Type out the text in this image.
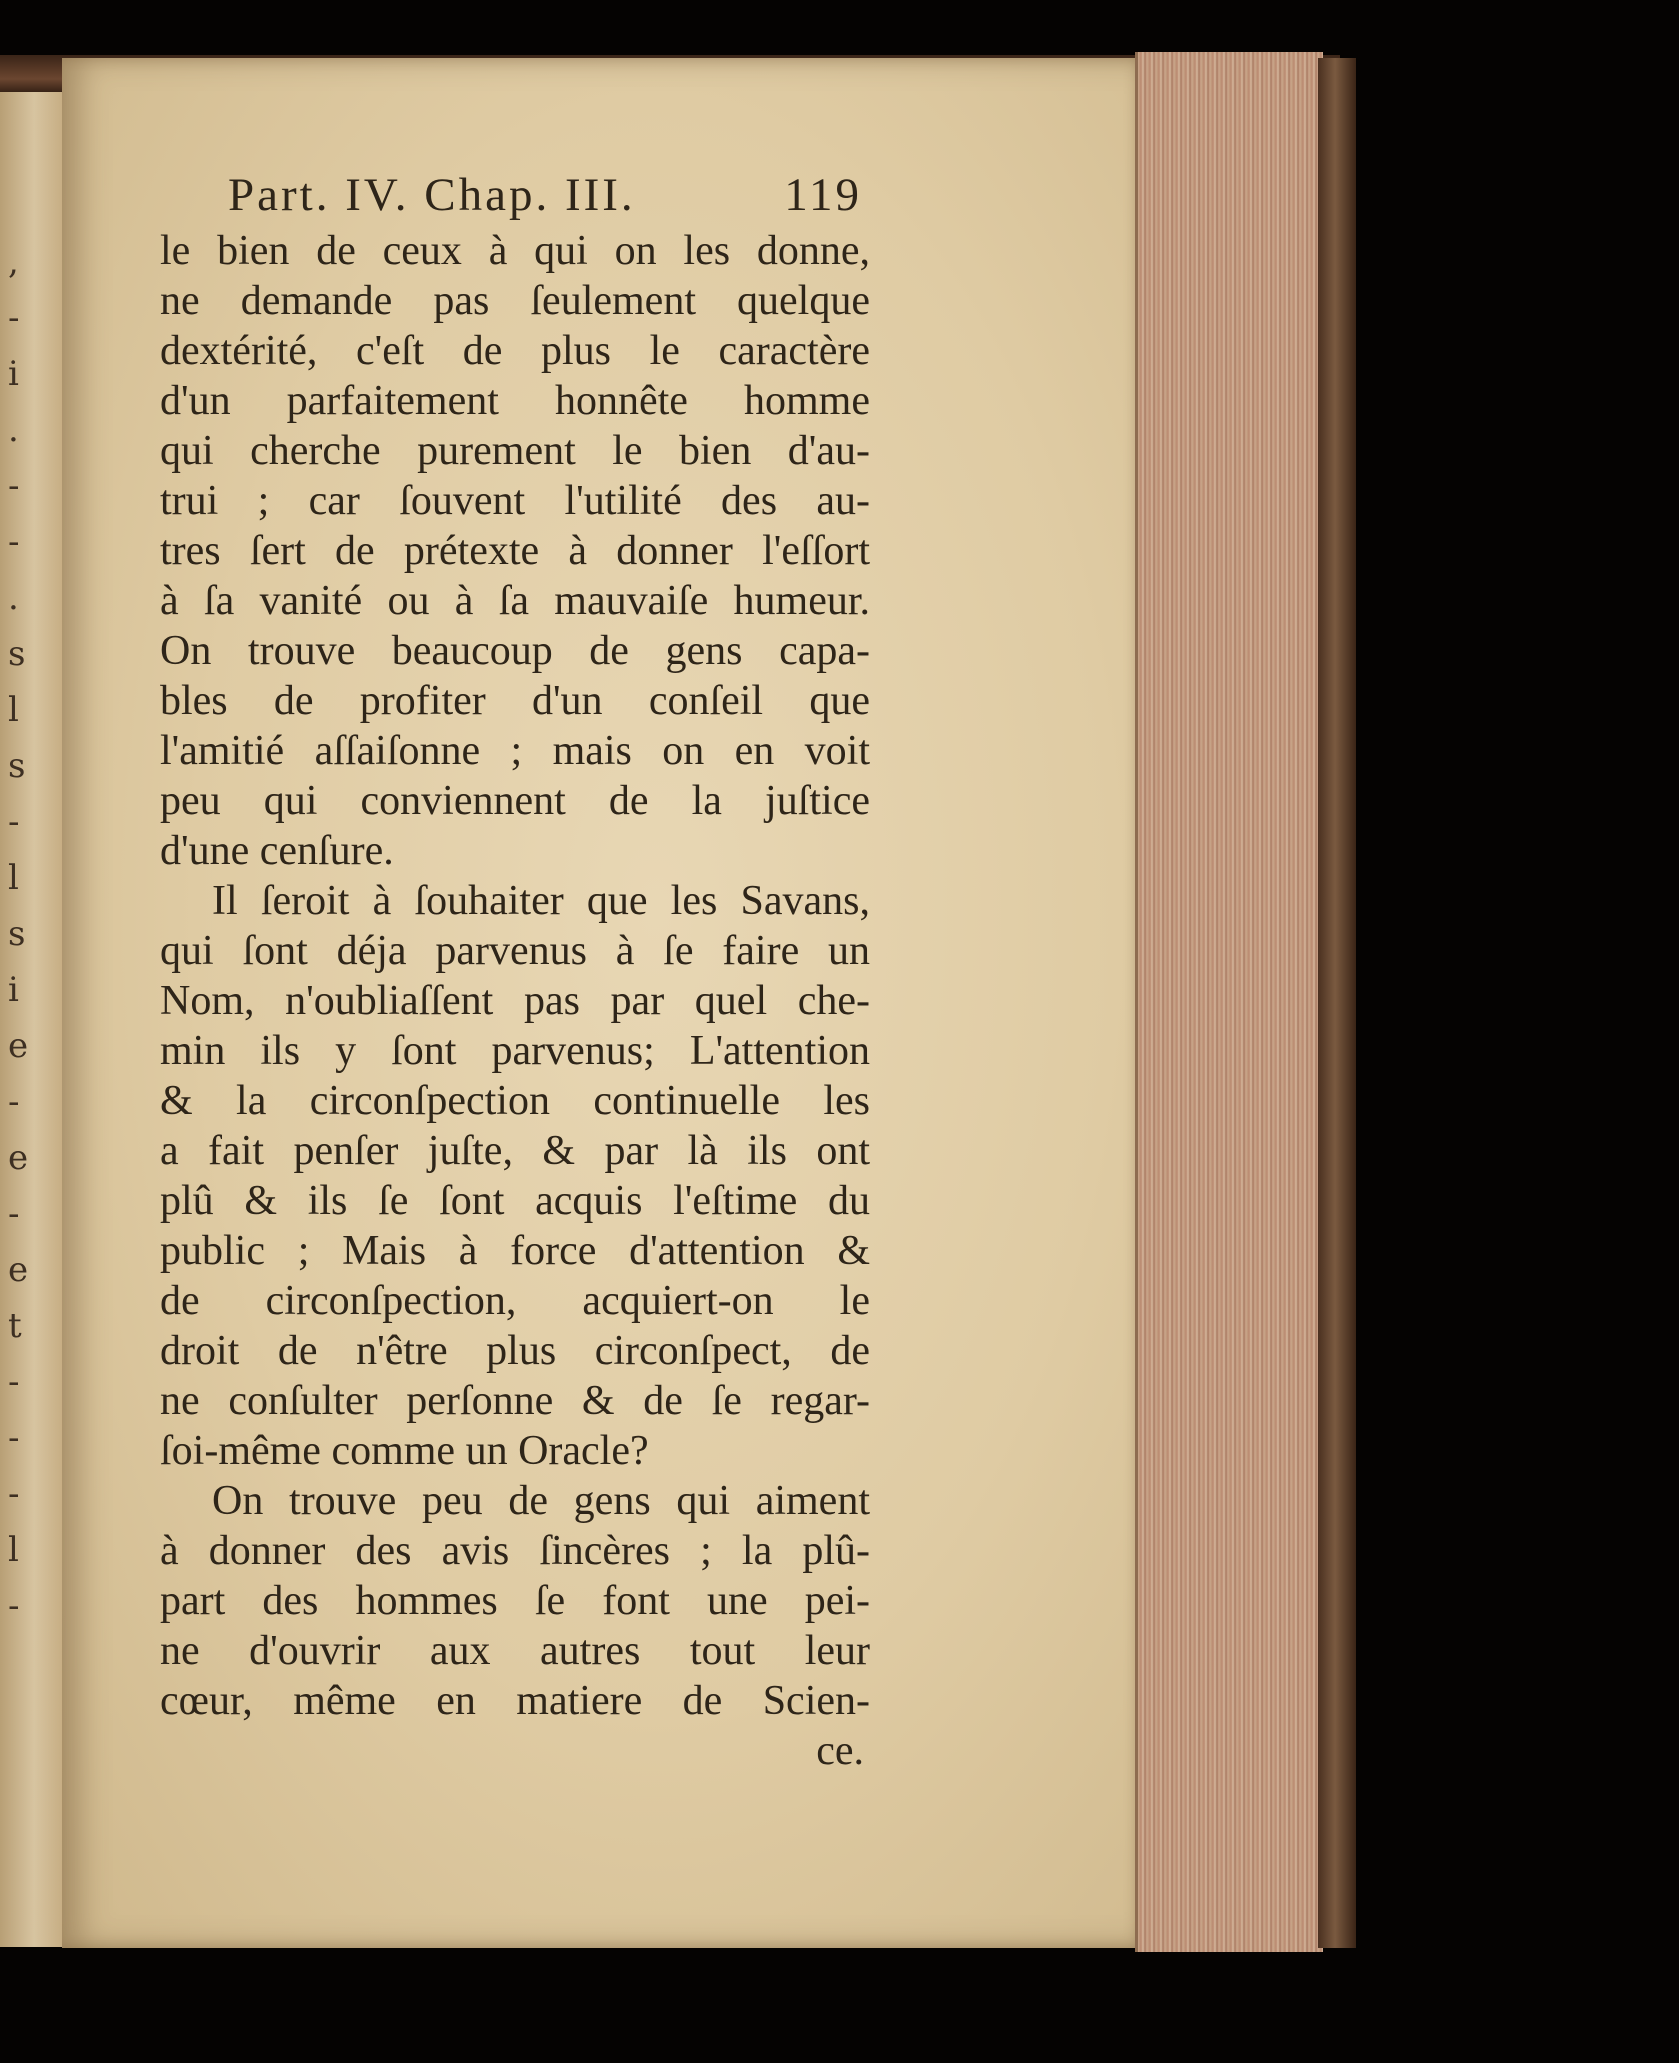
,
-
i
.
-
-
.
s
l
s
-
l
s
i
e
-
e
-
e
t
-
-
-
l
-
Part. IV. Chap. III.	119
le bien de ceux à qui on les donne,
ne demande pas ſeulement quelque
dextérité, c'eſt de plus le caractère
d'un parfaitement honnête homme
qui cherche purement le bien d'au-
trui ; car ſouvent l'utilité des au-
tres ſert de prétexte à donner l'eſſort
à ſa vanité ou à ſa mauvaiſe humeur.
On trouve beaucoup de gens capa-
bles de profiter d'un conſeil que
l'amitié aſſaiſonne ; mais on en voit
peu qui conviennent de la juſtice
d'une cenſure.
Il ſeroit à ſouhaiter que les Savans,
qui ſont déja parvenus à ſe faire un
Nom, n'oubliaſſent pas par quel che-
min ils y ſont parvenus; L'attention
& la circonſpection continuelle les
a fait penſer juſte, & par là ils ont
plû & ils ſe ſont acquis l'eſtime du
public ; Mais à force d'attention &
de circonſpection, acquiert-on le
droit de n'être plus circonſpect, de
ne conſulter perſonne & de ſe regar-
ſoi-même comme un Oracle?
On trouve peu de gens qui aiment
à donner des avis ſincères ; la plû-
part des hommes ſe font une pei-
ne d'ouvrir aux autres tout leur
cœur, même en matiere de Scien-
ce.
